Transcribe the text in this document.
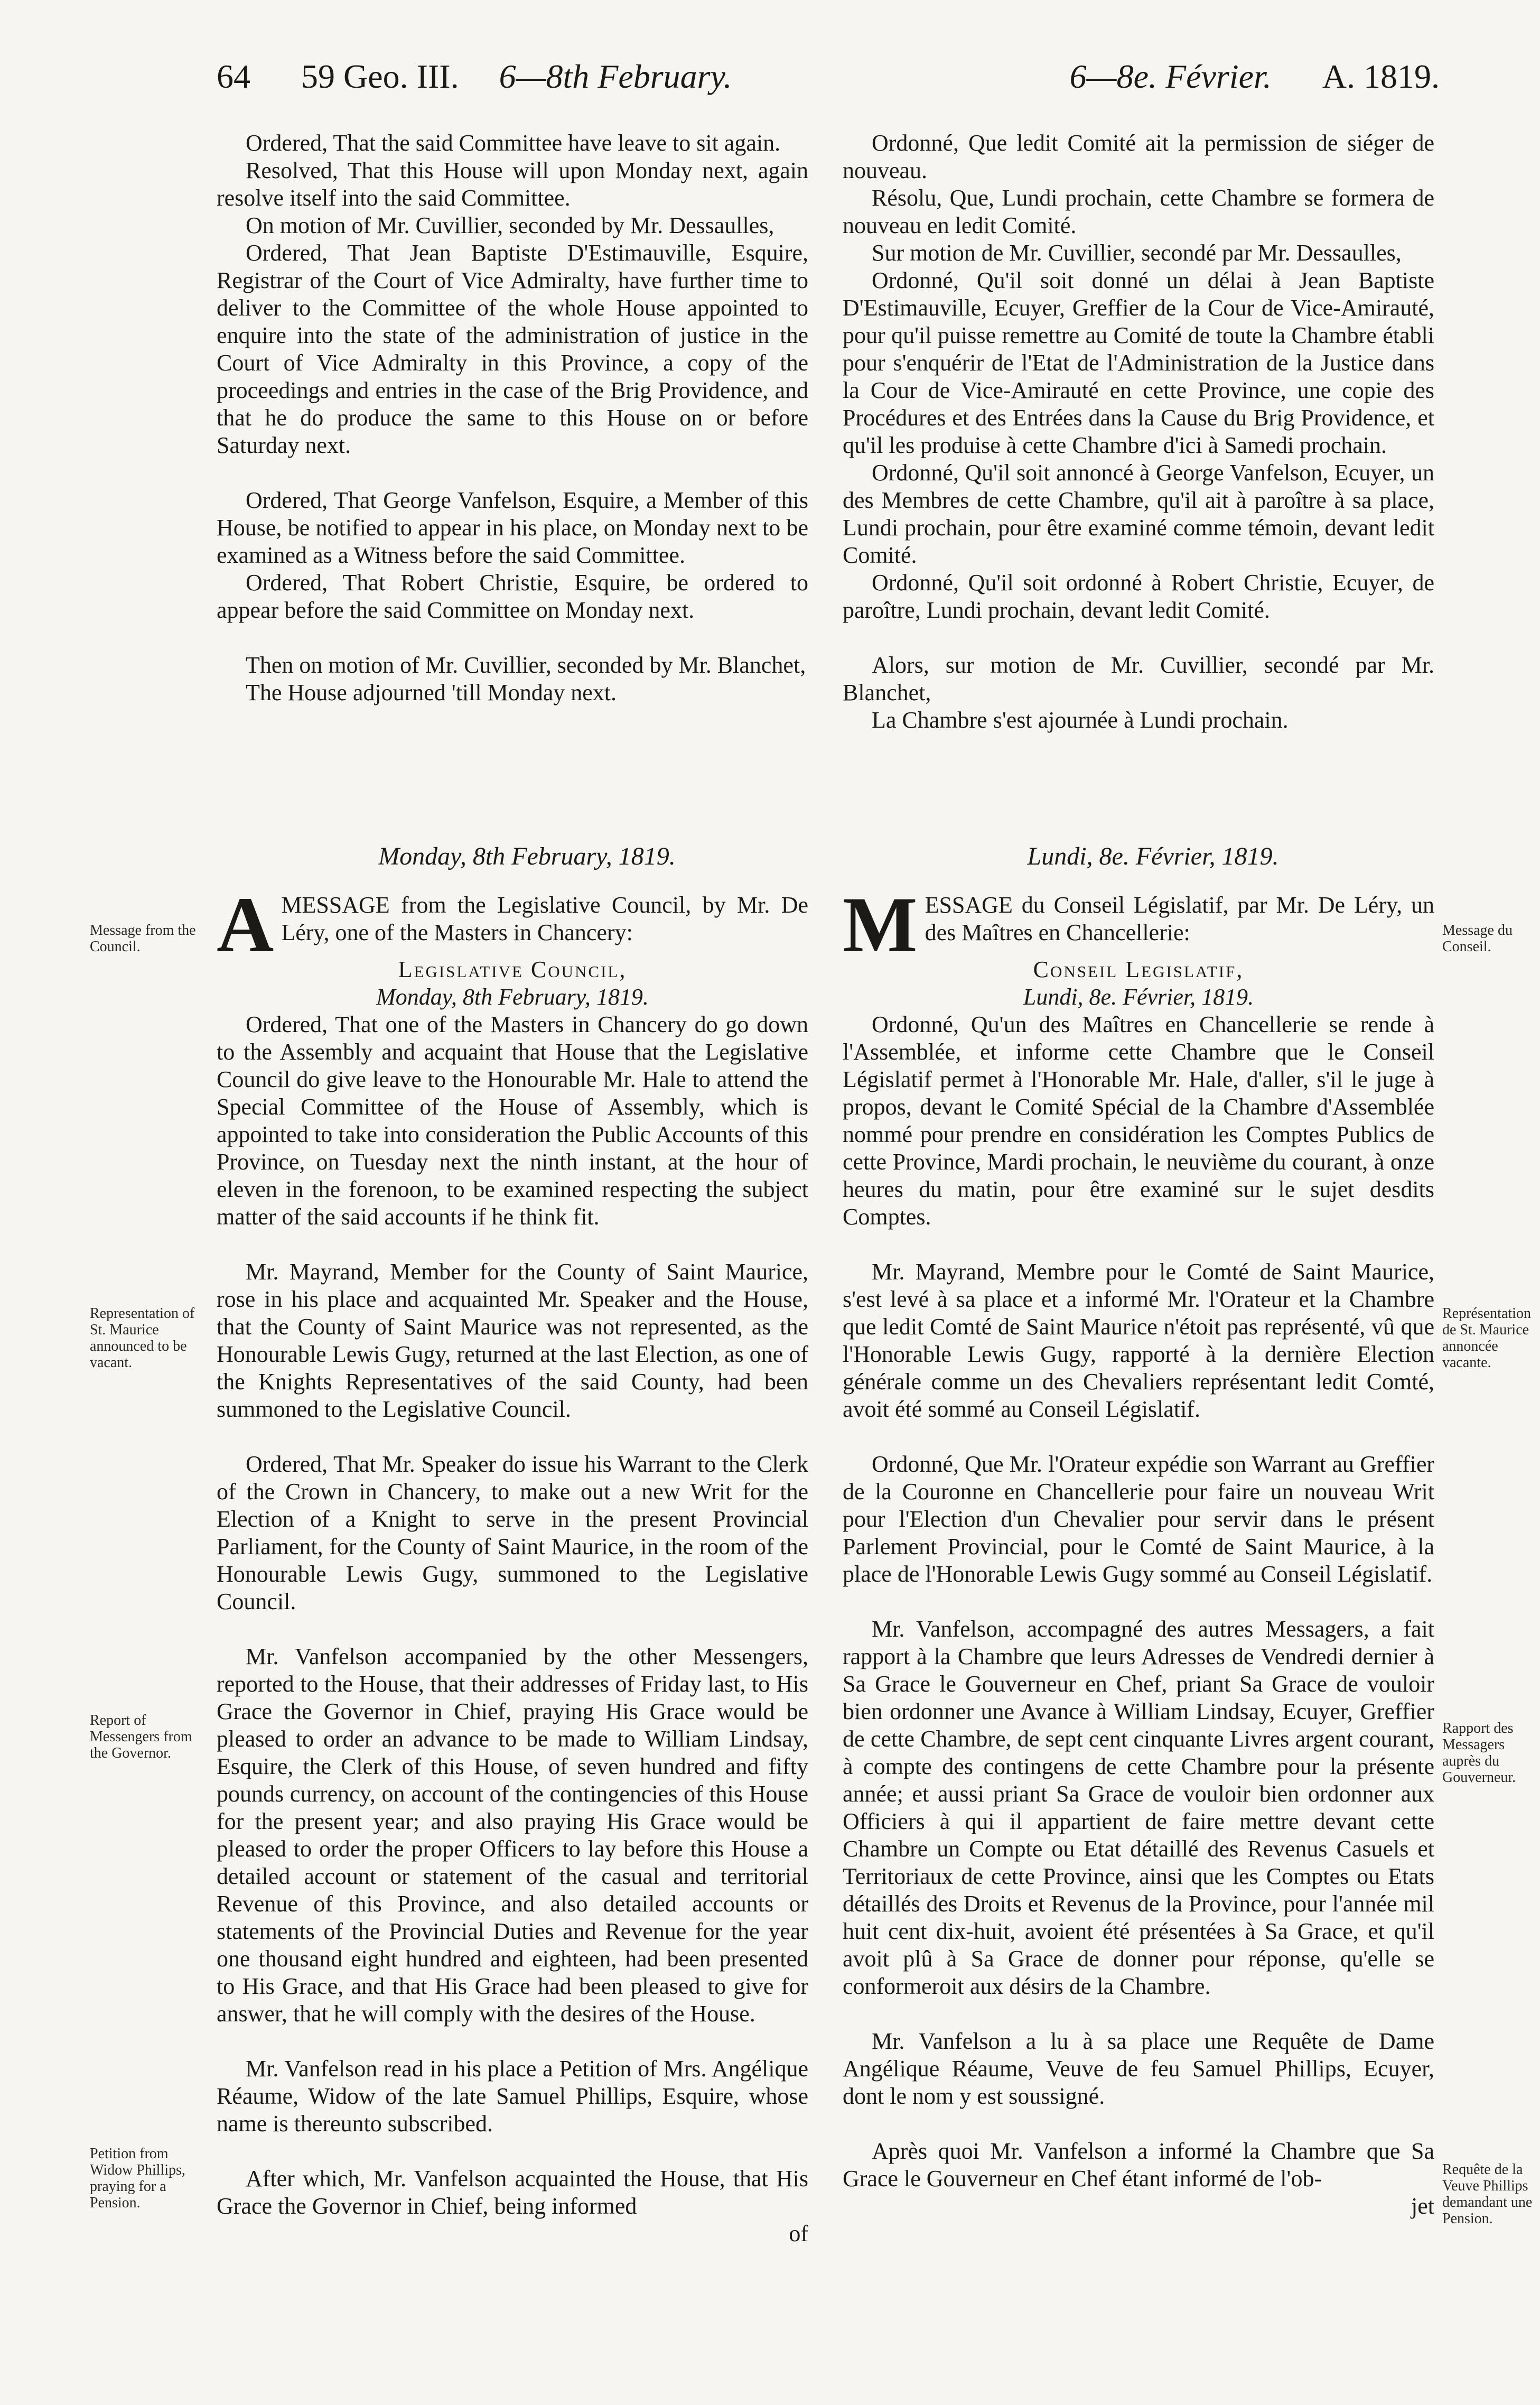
64 59 Geo. III. 6—8th February.	6—8e. Février. A. 1819.

Ordered, That the said Committee have leave to sit again.

Resolved, That this House will upon Monday next, again resolve itself into the said Committee.

On motion of Mr. Cuvillier, seconded by Mr. Dessaulles,

Ordered, That Jean Baptiste D'Estimauville, Esquire, Registrar of the Court of Vice Admiralty, have further time to deliver to the Committee of the whole House appointed to enquire into the state of the administration of justice in the Court of Vice Admiralty in this Province, a copy of the proceedings and entries in the case of the Brig Providence, and that he do produce the same to this House on or before Saturday next.

Ordered, That George Vanfelson, Esquire, a Member of this House, be notified to appear in his place, on Monday next to be examined as a Witness before the said Committee.

Ordered, That Robert Christie, Esquire, be ordered to appear before the said Committee on Monday next.

Then on motion of Mr. Cuvillier, seconded by Mr. Blanchet,

The House adjourned 'till Monday next.

Ordonné, Que ledit Comité ait la permission de siéger de nouveau.

Résolu, Que, Lundi prochain, cette Chambre se formera de nouveau en ledit Comité.

Sur motion de Mr. Cuvillier, secondé par Mr. Dessaulles,

Ordonné, Qu'il soit donné un délai à Jean Baptiste D'Estimauville, Ecuyer, Greffier de la Cour de Vice-Amirauté, pour qu'il puisse remettre au Comité de toute la Chambre établi pour s'enquérir de l'Etat de l'Administration de la Justice dans la Cour de Vice-Amirauté en cette Province, une copie des Procédures et des Entrées dans la Cause du Brig Providence, et qu'il les produise à cette Chambre d'ici à Samedi prochain.

Ordonné, Qu'il soit annoncé à George Vanfelson, Ecuyer, un des Membres de cette Chambre, qu'il ait à paroître à sa place, Lundi prochain, pour être examiné comme témoin, devant ledit Comité.

Ordonné, Qu'il soit ordonné à Robert Christie, Ecuyer, de paroître, Lundi prochain, devant ledit Comité.

Alors, sur motion de Mr. Cuvillier, secondé par Mr. Blanchet,

La Chambre s'est ajournée à Lundi prochain.

Monday, 8th February, 1819.

A MESSAGE from the Legislative Council, by Mr. De Léry, one of the Masters in Chancery:

Legislative Council,

Monday, 8th February, 1819.

Ordered, That one of the Masters in Chancery do go down to the Assembly and acquaint that House that the Legislative Council do give leave to the Honourable Mr. Hale to attend the Special Committee of the House of Assembly, which is appointed to take into consideration the Public Accounts of this Province, on Tuesday next the ninth instant, at the hour of eleven in the forenoon, to be examined respecting the subject matter of the said accounts if he think fit.

Mr. Mayrand, Member for the County of Saint Maurice, rose in his place and acquainted Mr. Speaker and the House, that the County of Saint Maurice was not represented, as the Honourable Lewis Gugy, returned at the last Election, as one of the Knights Representatives of the said County, had been summoned to the Legislative Council.

Ordered, That Mr. Speaker do issue his Warrant to the Clerk of the Crown in Chancery, to make out a new Writ for the Election of a Knight to serve in the present Provincial Parliament, for the County of Saint Maurice, in the room of the Honourable Lewis Gugy, summoned to the Legislative Council.

Mr. Vanfelson accompanied by the other Messengers, reported to the House, that their addresses of Friday last, to His Grace the Governor in Chief, praying His Grace would be pleased to order an advance to be made to William Lindsay, Esquire, the Clerk of this House, of seven hundred and fifty pounds currency, on account of the contingencies of this House for the present year; and also praying His Grace would be pleased to order the proper Officers to lay before this House a detailed account or statement of the casual and territorial Revenue of this Province, and also detailed accounts or statements of the Provincial Duties and Revenue for the year one thousand eight hundred and eighteen, had been presented to His Grace, and that His Grace had been pleased to give for answer, that he will comply with the desires of the House.

Mr. Vanfelson read in his place a Petition of Mrs. Angélique Réaume, Widow of the late Samuel Phillips, Esquire, whose name is thereunto subscribed.

After which, Mr. Vanfelson acquainted the House, that His Grace the Governor in Chief, being informed

of

Lundi, 8e. Février, 1819.

MESSAGE du Conseil Législatif, par Mr. De Léry, un des Maîtres en Chancellerie:

Conseil Legislatif,

Lundi, 8e. Février, 1819.

Ordonné, Qu'un des Maîtres en Chancellerie se rende à l'Assemblée, et informe cette Chambre que le Conseil Législatif permet à l'Honorable Mr. Hale, d'aller, s'il le juge à propos, devant le Comité Spécial de la Chambre d'Assemblée nommé pour prendre en considération les Comptes Publics de cette Province, Mardi prochain, le neuvième du courant, à onze heures du matin, pour être examiné sur le sujet desdits Comptes.

Mr. Mayrand, Membre pour le Comté de Saint Maurice, s'est levé à sa place et a informé Mr. l'Orateur et la Chambre que ledit Comté de Saint Maurice n'étoit pas représenté, vû que l'Honorable Lewis Gugy, rapporté à la dernière Election générale comme un des Chevaliers représentant ledit Comté, avoit été sommé au Conseil Législatif.

Ordonné, Que Mr. l'Orateur expédie son Warrant au Greffier de la Couronne en Chancellerie pour faire un nouveau Writ pour l'Election d'un Chevalier pour servir dans le présent Parlement Provincial, pour le Comté de Saint Maurice, à la place de l'Honorable Lewis Gugy sommé au Conseil Législatif.

Mr. Vanfelson, accompagné des autres Messagers, a fait rapport à la Chambre que leurs Adresses de Vendredi dernier à Sa Grace le Gouverneur en Chef, priant Sa Grace de vouloir bien ordonner une Avance à William Lindsay, Ecuyer, Greffier de cette Chambre, de sept cent cinquante Livres argent courant, à compte des contingens de cette Chambre pour la présente année; et aussi priant Sa Grace de vouloir bien ordonner aux Officiers à qui il appartient de faire mettre devant cette Chambre un Compte ou Etat détaillé des Revenus Casuels et Territoriaux de cette Province, ainsi que les Comptes ou Etats détaillés des Droits et Revenus de la Province, pour l'année mil huit cent dix-huit, avoient été présentées à Sa Grace, et qu'il avoit plû à Sa Grace de donner pour réponse, qu'elle se conformeroit aux désirs de la Chambre.

Mr. Vanfelson a lu à sa place une Requête de Dame Angélique Réaume, Veuve de feu Samuel Phillips, Ecuyer, dont le nom y est soussigné.

Après quoi Mr. Vanfelson a informé la Chambre que Sa Grace le Gouverneur en Chef étant informé de l'ob-

jet

Message from the Council.
Representation of St. Maurice announced to be vacant.
Report of Messengers from the Governor.
Petition from Widow Phillips, praying for a Pension.
Message du Conseil.
Représentation de St. Maurice annoncée vacante.
Rapport des Messagers auprès du Gouverneur.
Requête de la Veuve Phillips demandant une Pension.
